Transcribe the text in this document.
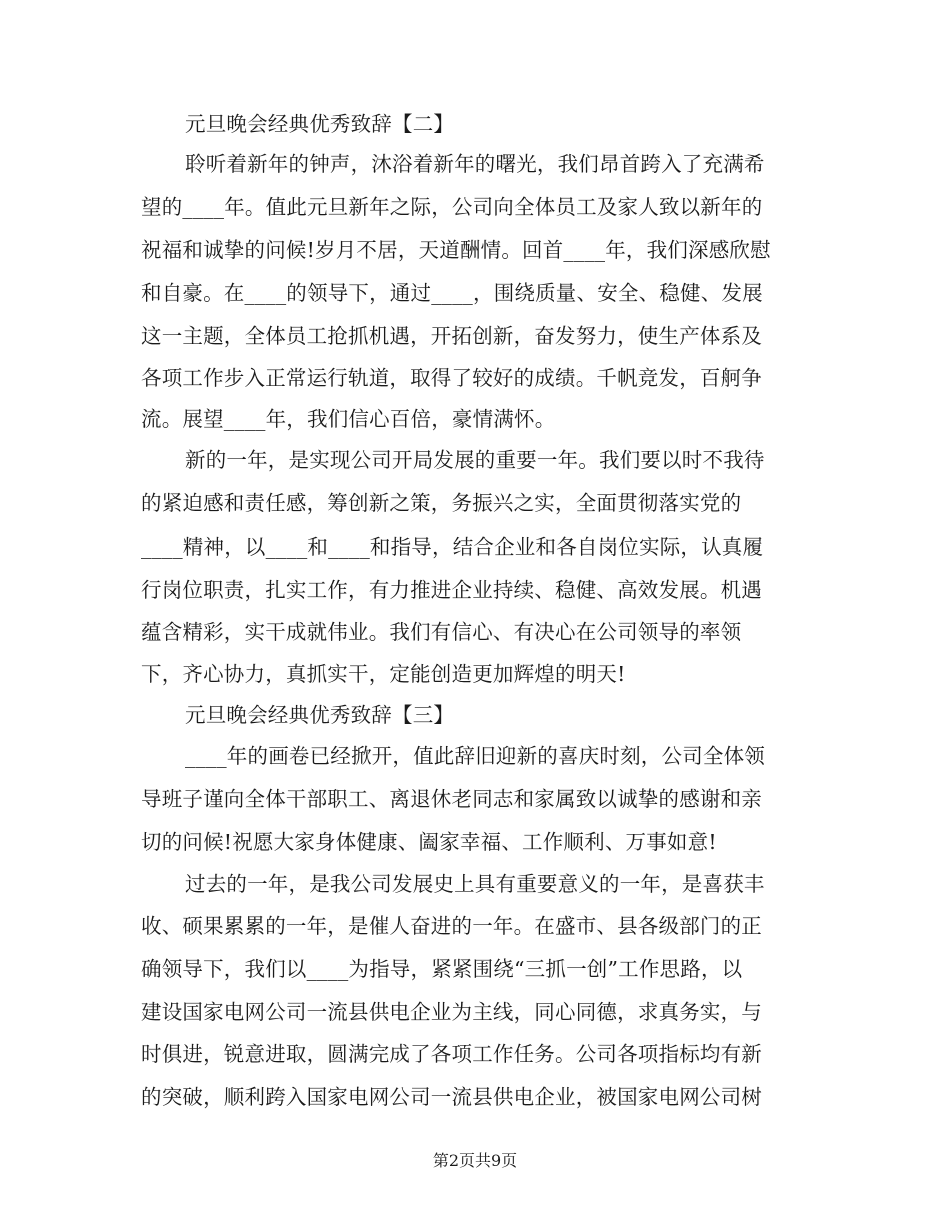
元旦晚会经典优秀致辞【二】
聆听着新年的钟声，沐浴着新年的曙光，我们昂首跨入了充满希
望的____年。值此元旦新年之际，公司向全体员工及家人致以新年的
祝福和诚挚的问候!岁月不居，天道酬情。回首____年，我们深感欣慰
和自豪。在____的领导下，通过____，围绕质量、安全、稳健、发展
这一主题，全体员工抢抓机遇，开拓创新，奋发努力，使生产体系及
各项工作步入正常运行轨道，取得了较好的成绩。千帆竞发，百舸争
流。展望____年，我们信心百倍，豪情满怀。
新的一年，是实现公司开局发展的重要一年。我们要以时不我待
的紧迫感和责任感，筹创新之策，务振兴之实，全面贯彻落实党的
____精神，以____和____和指导，结合企业和各自岗位实际，认真履
行岗位职责，扎实工作，有力推进企业持续、稳健、高效发展。机遇
蕴含精彩，实干成就伟业。我们有信心、有决心在公司领导的率领
下，齐心协力，真抓实干，定能创造更加辉煌的明天!
元旦晚会经典优秀致辞【三】
____年的画卷已经掀开，值此辞旧迎新的喜庆时刻，公司全体领
导班子谨向全体干部职工、离退休老同志和家属致以诚挚的感谢和亲
切的问候!祝愿大家身体健康、阖家幸福、工作顺利、万事如意!
过去的一年，是我公司发展史上具有重要意义的一年，是喜获丰
收、硕果累累的一年，是催人奋进的一年。在盛市、县各级部门的正
确领导下，我们以____为指导，紧紧围绕“三抓一创”工作思路，以
建设国家电网公司一流县供电企业为主线，同心同德，求真务实，与
时俱进，锐意进取，圆满完成了各项工作任务。公司各项指标均有新
的突破，顺利跨入国家电网公司一流县供电企业，被国家电网公司树
第2页共9页
